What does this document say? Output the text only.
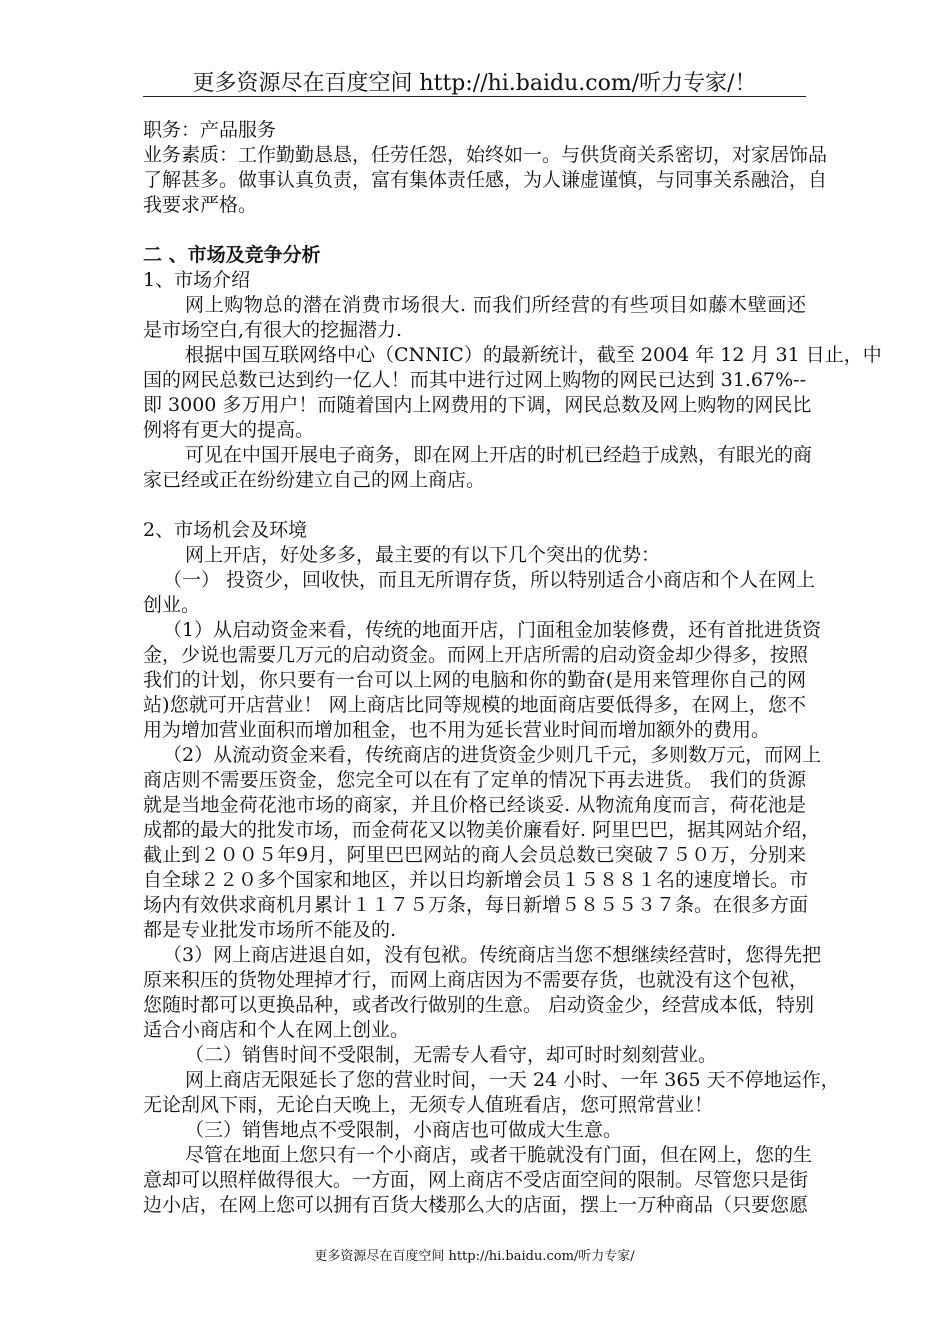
更多资源尽在百度空间 http://hi.baidu.com/听力专家/！
职务：产品服务
业务素质：工作勤勤恳恳，任劳任怨，始终如一。与供货商关系密切，对家居饰品
了解甚多。做事认真负责，富有集体责任感，为人谦虚谨慎，与同事关系融洽，自
我要求严格。
二 、市场及竞争分析
1、市场介绍
网上购物总的潜在消费市场很大. 而我们所经营的有些项目如藤木壁画还
是市场空白,有很大的挖掘潜力.
根据中国互联网络中心（CNNIC）的最新统计，截至 2004 年 12 月 31 日止，中
国的网民总数已达到约一亿人！而其中进行过网上购物的网民已达到 31.67%--
即 3000 多万用户！而随着国内上网费用的下调，网民总数及网上购物的网民比
例将有更大的提高。
可见在中国开展电子商务，即在网上开店的时机已经趋于成熟，有眼光的商
家已经或正在纷纷建立自己的网上商店。
2、市场机会及环境
网上开店，好处多多，最主要的有以下几个突出的优势：
（一） 投资少，回收快，而且无所谓存货，所以特别适合小商店和个人在网上
创业。
（1）从启动资金来看，传统的地面开店，门面租金加装修费，还有首批进货资
金，少说也需要几万元的启动资金。而网上开店所需的启动资金却少得多，按照
我们的计划，你只要有一台可以上网的电脑和你的勤奋(是用来管理你自己的网
站)您就可开店营业！ 网上商店比同等规模的地面商店要低得多，在网上，您不
用为增加营业面积而增加租金，也不用为延长营业时间而增加额外的费用。
（2）从流动资金来看，传统商店的进货资金少则几千元，多则数万元，而网上
商店则不需要压资金，您完全可以在有了定单的情况下再去进货。 我们的货源
就是当地金荷花池市场的商家，并且价格已经谈妥. 从物流角度而言，荷花池是
成都的最大的批发市场，而金荷花又以物美价廉看好. 阿里巴巴，据其网站介绍，
截止到２００５年9月，阿里巴巴网站的商人会员总数已突破７５０万，分别来
自全球２２０多个国家和地区，并以日均新增会员１５８８１名的速度增长。市
场内有效供求商机月累计１１７５万条，每日新增５８５５３７条。在很多方面
都是专业批发市场所不能及的.
（3）网上商店进退自如，没有包袱。传统商店当您不想继续经营时，您得先把
原来积压的货物处理掉才行，而网上商店因为不需要存货，也就没有这个包袱，
您随时都可以更换品种，或者改行做别的生意。 启动资金少，经营成本低，特别
适合小商店和个人在网上创业。
（二）销售时间不受限制，无需专人看守，却可时时刻刻营业。
网上商店无限延长了您的营业时间，一天 24 小时、一年 365 天不停地运作，
无论刮风下雨，无论白天晚上，无须专人值班看店，您可照常营业！
（三）销售地点不受限制，小商店也可做成大生意。
尽管在地面上您只有一个小商店，或者干脆就没有门面，但在网上，您的生
意却可以照样做得很大。一方面，网上商店不受店面空间的限制。尽管您只是街
边小店，在网上您可以拥有百货大楼那么大的店面，摆上一万种商品（只要您愿
更多资源尽在百度空间 http://hi.baidu.com/听力专家/
